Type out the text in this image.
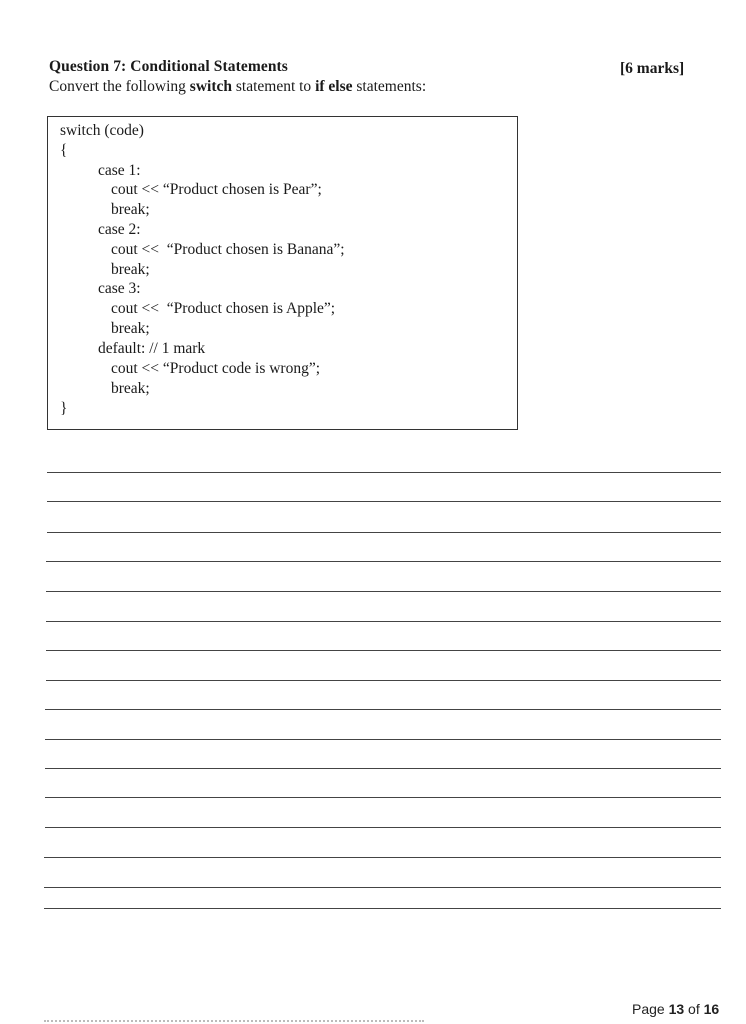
Question 7: Conditional Statements	[6 marks]
Convert the following switch statement to if else statements:
switch (code)
{
case 1:
cout << “Product chosen is Pear”;
break;
case 2:
cout <<  “Product chosen is Banana”;
break;
case 3:
cout <<  “Product chosen is Apple”;
break;
default: // 1 mark
cout << “Product code is wrong”;
break;
}
Page 13 of 16
